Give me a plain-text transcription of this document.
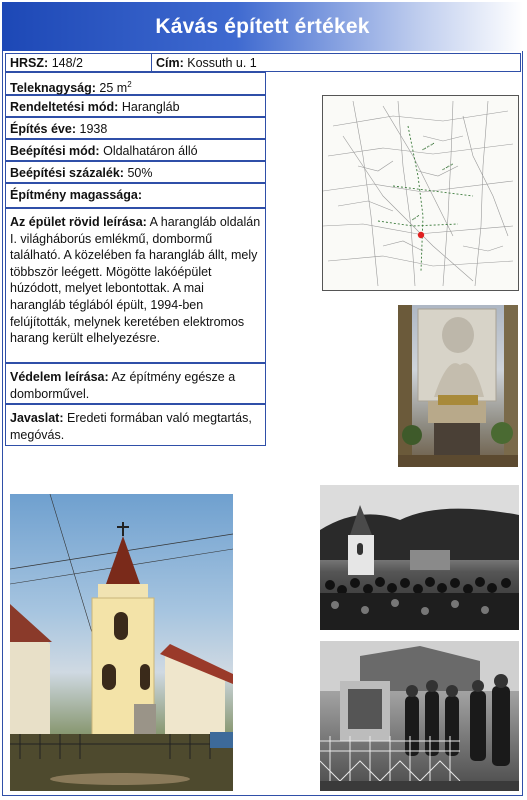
Kávás épített értékek
HRSZ: 148/2	Cím: Kossuth u. 1
Teleknagyság: 25 $m^2$
Rendeltetési mód: Harangláb
Építés éve: 1938
Beépítési mód: Oldalhatáron álló
Beépítési százalék: 50%
Építmény magassága:
Az épület rövid leírása: A harangláb oldalán I. világháborús emlékmű, dombormű található. A közelében fa harangláb állt, mely többször leégett. Mögötte lakóépület húzódott, melyet lebontottak. A mai harangláb téglából épült, 1994-ben felújították, melynek keretében elektromos harang került elhelyezésre.
Védelem leírása: Az építmény egésze a domborművel.
Javaslat: Eredeti formában való megtartás, megóvás.
▪▪▪ ▪▪ ▪▪▪
▪▪ ▪▪▪ ▪▪
▪▪▪ ▪▪
